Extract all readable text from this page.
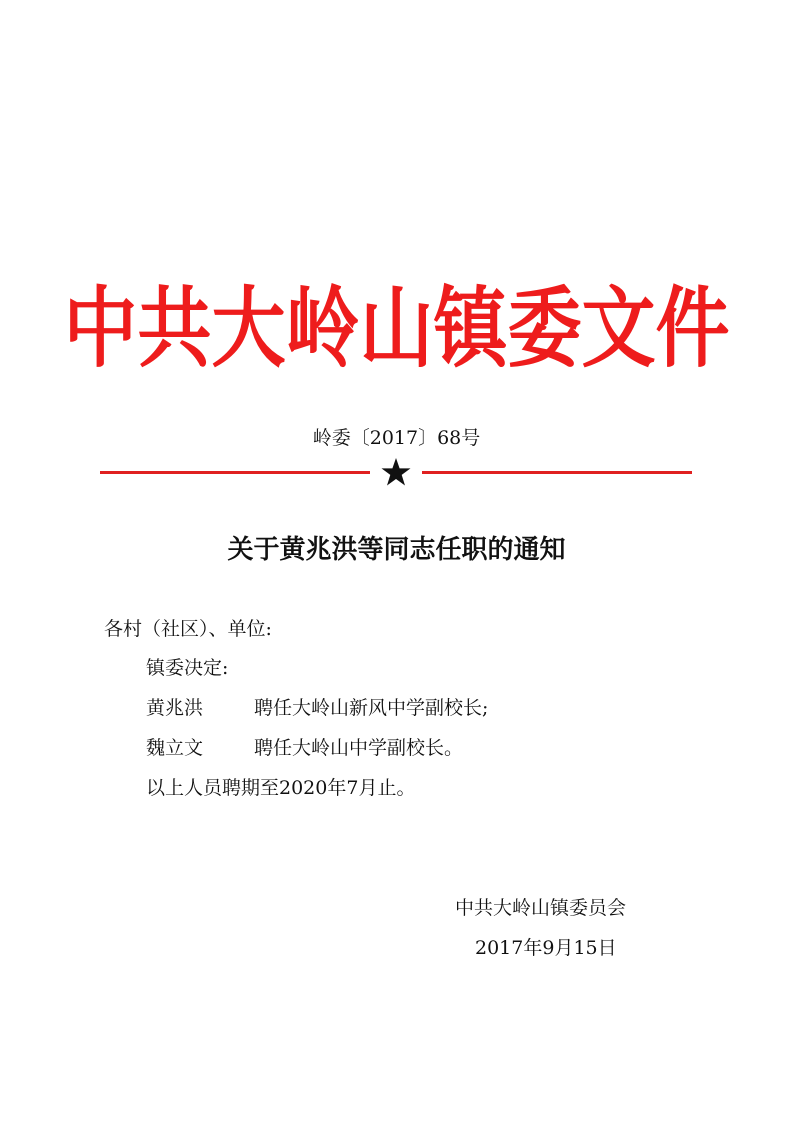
中共大岭山镇委文件
岭委〔2017〕68号
关于黄兆洪等同志任职的通知
各村（社区）、单位:
镇委决定:
黄兆洪	聘任大岭山新风中学副校长;
魏立文	聘任大岭山中学副校长。
以上人员聘期至2020年7月止。
中共大岭山镇委员会
2017年9月15日
